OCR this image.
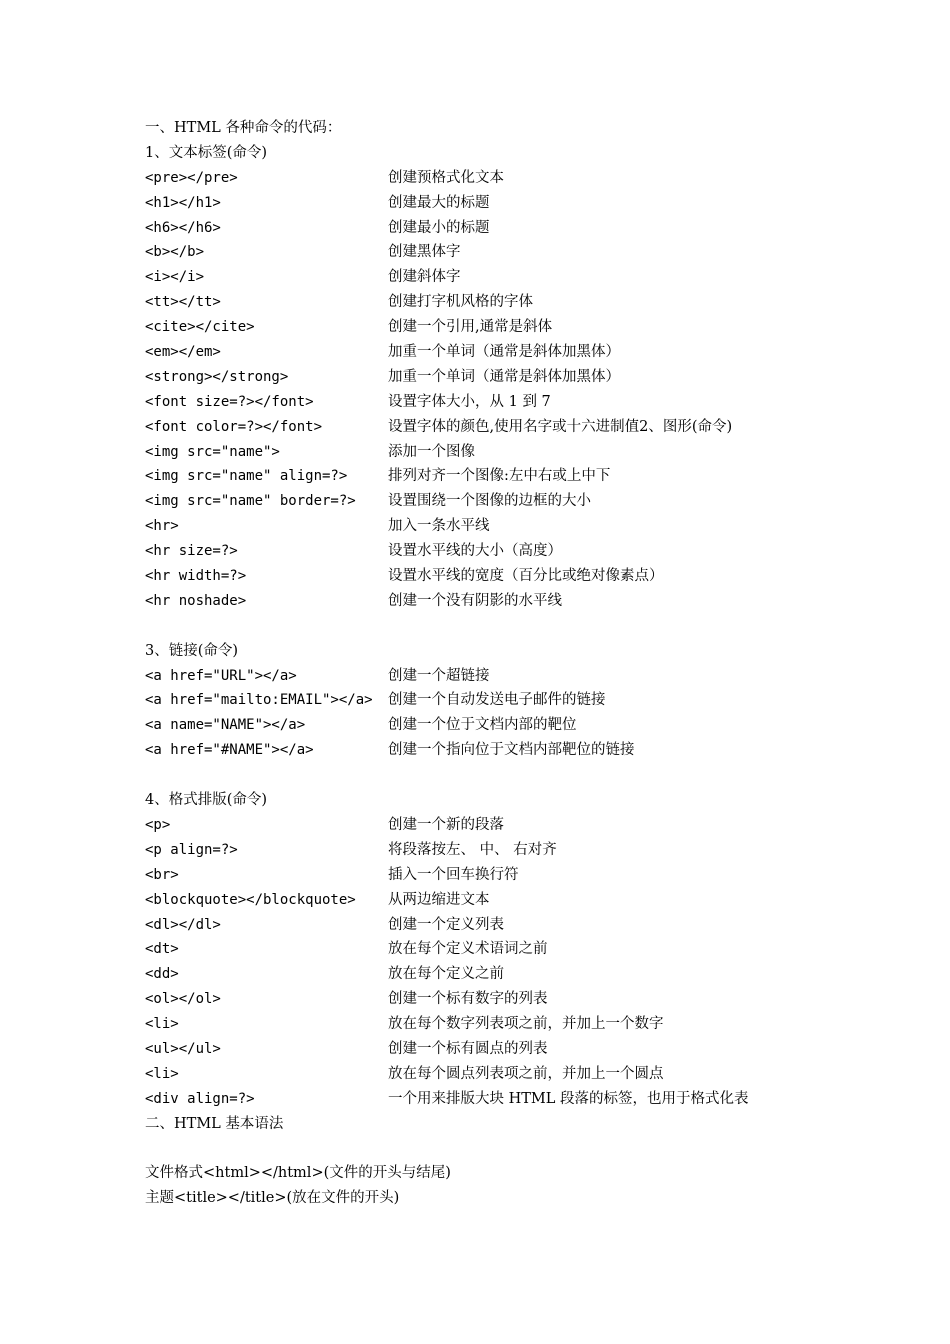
一、HTML 各种命令的代码：
1、文本标签(命令)
<pre></pre>	创建预格式化文本
<h1></h1>	创建最大的标题
<h6></h6>	创建最小的标题
<b></b>	创建黑体字
<i></i>	创建斜体字
<tt></tt>	创建打字机风格的字体
<cite></cite>	创建一个引用,通常是斜体
<em></em>	加重一个单词（通常是斜体加黑体）
<strong></strong>	加重一个单词（通常是斜体加黑体）
<font size=?></font>	设置字体大小，从 1 到 7
<font color=?></font>	设置字体的颜色,使用名字或十六进制值2、图形(命令)
<img src="name">	添加一个图像
<img src="name" align=?>	排列对齐一个图像:左中右或上中下
<img src="name" border=?> 设置围绕一个图像的边框的大小
<hr>	加入一条水平线
<hr size=?>	设置水平线的大小（高度）
<hr width=?>	设置水平线的宽度（百分比或绝对像素点）
<hr noshade>	创建一个没有阴影的水平线
3、链接(命令)
<a href="URL"></a>	创建一个超链接
<a href="mailto:EMAIL"></a> 创建一个自动发送电子邮件的链接
<a name="NAME"></a>	创建一个位于文档内部的靶位
<a href="#NAME"></a>	创建一个指向位于文档内部靶位的链接
4、格式排版(命令)
<p>	创建一个新的段落
<p align=?>	将段落按左、 中、 右对齐
<br>	插入一个回车换行符
<blockquote></blockquote> 从两边缩进文本
<dl></dl>	创建一个定义列表
<dt>	放在每个定义术语词之前
<dd>	放在每个定义之前
<ol></ol>	创建一个标有数字的列表
<li>	放在每个数字列表项之前，并加上一个数字
<ul></ul>	创建一个标有圆点的列表
<li>	放在每个圆点列表项之前，并加上一个圆点
<div align=?>	一个用来排版大块 HTML 段落的标签，也用于格式化表
二、HTML 基本语法
文件格式<html></html>(文件的开头与结尾)
主题<title></title>(放在文件的开头)
